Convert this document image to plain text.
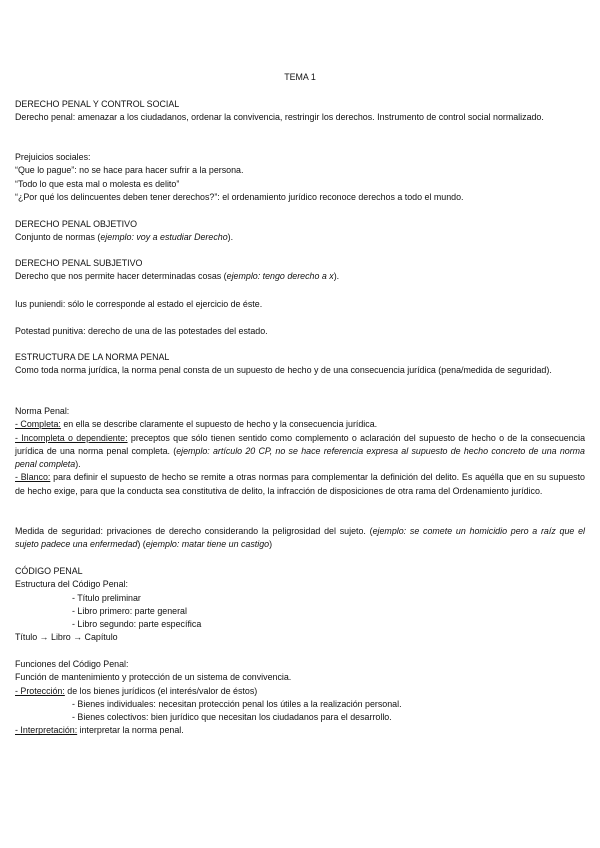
TEMA 1

DERECHO PENAL Y CONTROL SOCIAL

Derecho penal: amenazar a los ciudadanos, ordenar la convivencia, restringir los derechos. Instrumento de control social normalizado.

Prejuicios sociales:

“Que lo pague”: no se hace para hacer sufrir a la persona.

“Todo lo que esta mal o molesta es delito”

“¿Por qué los delincuentes deben tener derechos?”: el ordenamiento jurídico reconoce derechos a todo el mundo.

DERECHO PENAL OBJETIVO

Conjunto de normas (ejemplo: voy a estudiar Derecho).

DERECHO PENAL SUBJETIVO

Derecho que nos permite hacer determinadas cosas (ejemplo: tengo derecho a x).

Ius puniendi: sólo le corresponde al estado el ejercicio de éste.
Potestad punitiva: derecho de una de las potestades del estado.

ESTRUCTURA DE LA NORMA PENAL

Como toda norma jurídica, la norma penal consta de un supuesto de hecho y de una consecuencia jurídica (pena/medida de seguridad).

Norma Penal:

- Completa: en ella se describe claramente el supuesto de hecho y la consecuencia jurídica.

- Incompleta o dependiente: preceptos que sólo tienen sentido como complemento o aclaración del supuesto de hecho o de la consecuencia jurídica de una norma penal completa. (ejemplo: artículo 20 CP, no se hace referencia expresa al supuesto de hecho concreto de una norma penal completa).

- Blanco: para definir el supuesto de hecho se remite a otras normas para complementar la definición del delito. Es aquélla que en su supuesto de hecho exige, para que la conducta sea constitutiva de delito, la infracción de disposiciones de otra rama del Ordenamiento jurídico.

Medida de seguridad: privaciones de derecho considerando la peligrosidad del sujeto. (ejemplo: se comete un homicidio pero a raíz que el sujeto padece una enfermedad) (ejemplo: matar tiene un castigo)

CÓDIGO PENAL

Estructura del Código Penal:

- Título preliminar

- Libro primero: parte general

- Libro segundo: parte específica

Título → Libro → Capítulo

Funciones del Código Penal:

Función de mantenimiento y protección de un sistema de convivencia.

- Protección: de los bienes jurídicos (el interés/valor de éstos)

- Bienes individuales: necesitan protección penal los útiles a la realización personal.

- Bienes colectivos: bien jurídico que necesitan los ciudadanos para el desarrollo.

- Interpretación: interpretar la norma penal.
